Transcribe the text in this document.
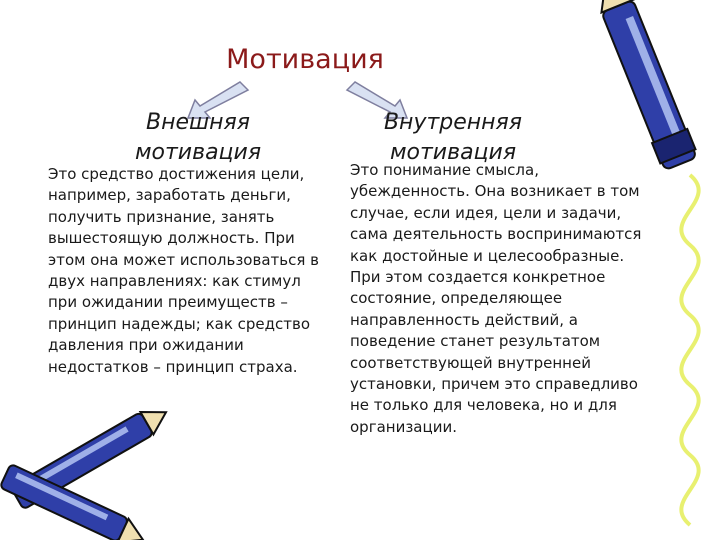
Мотивация
Внешняя мотивация
Внутренняя мотивация
Это средство достижения цели, например, заработать деньги, получить признание, занять вышестоящую должность. При этом она может использоваться в двух направлениях: как стимул при ожидании преимуществ – принцип надежды; как средство давления при ожидании недостатков – принцип страха.
Это понимание смысла, убежденность. Она возникает в том случае, если идея, цели и задачи, сама деятельность воспринимаются как достойные и целесообразные. При этом создается конкретное состояние, определяющее направленность действий, а поведение станет результатом соответствующей внутренней установки, причем это справедливо не только для человека, но и для организации.
